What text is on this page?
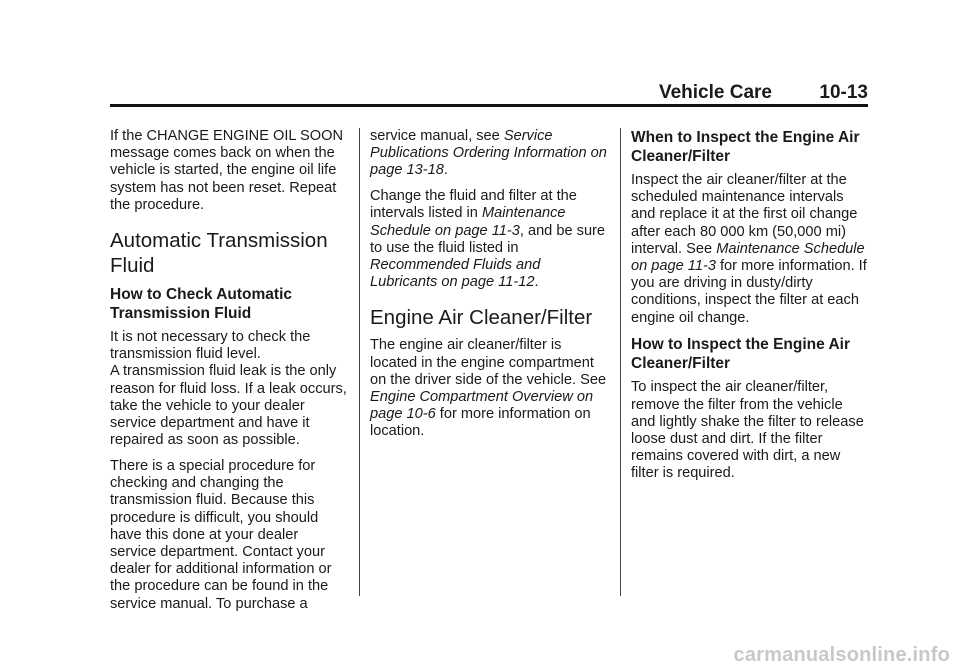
Vehicle Care 10-13

If the CHANGE ENGINE OIL SOON message comes back on when the vehicle is started, the engine oil life system has not been reset. Repeat the procedure.

Automatic Transmission Fluid
How to Check Automatic Transmission Fluid

It is not necessary to check the transmission fluid level.

A transmission fluid leak is the only reason for fluid loss. If a leak occurs, take the vehicle to your dealer service department and have it repaired as soon as possible.

There is a special procedure for checking and changing the transmission fluid. Because this procedure is difficult, you should have this done at your dealer service department. Contact your dealer for additional information or the procedure can be found in the service manual. To purchase a

service manual, see Service Publications Ordering Information on page 13-18.

Change the fluid and filter at the intervals listed in Maintenance Schedule on page 11-3, and be sure to use the fluid listed in Recommended Fluids and Lubricants on page 11-12.

Engine Air Cleaner/Filter

The engine air cleaner/filter is located in the engine compartment on the driver side of the vehicle. See Engine Compartment Overview on page 10-6 for more information on location.

When to Inspect the Engine Air Cleaner/Filter

Inspect the air cleaner/filter at the scheduled maintenance intervals and replace it at the first oil change after each 80 000 km (50,000 mi) interval. See Maintenance Schedule on page 11-3 for more information. If you are driving in dusty/dirty conditions, inspect the filter at each engine oil change.

How to Inspect the Engine Air Cleaner/Filter

To inspect the air cleaner/filter, remove the filter from the vehicle and lightly shake the filter to release loose dust and dirt. If the filter remains covered with dirt, a new filter is required.

carmanualsonline.info
